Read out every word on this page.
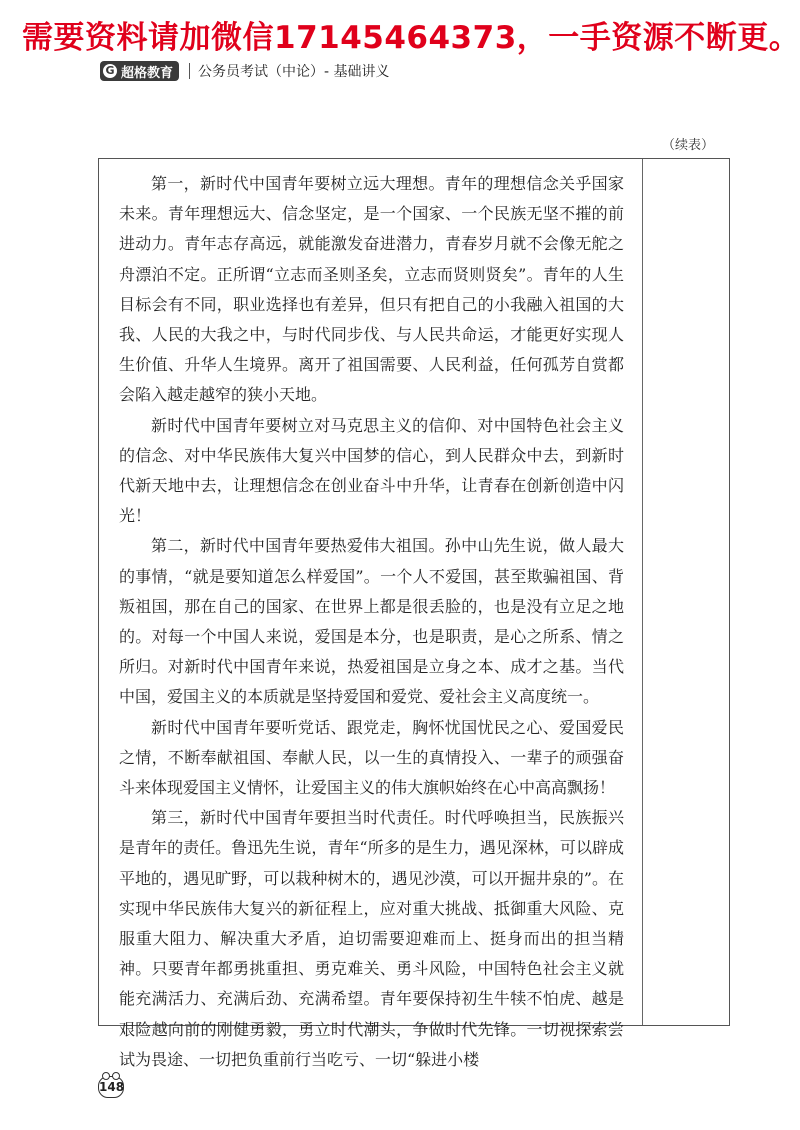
需要资料请加微信17145464373，一手资源不断更。
G 超格教育 公务员考试（中论）- 基础讲义
（续表）

第一，新时代中国青年要树立远大理想。青年的理想信念关乎国家未来。青年理想远大、信念坚定，是一个国家、一个民族无坚不摧的前进动力。青年志存高远，就能激发奋进潜力，青春岁月就不会像无舵之舟漂泊不定。正所谓“立志而圣则圣矣，立志而贤则贤矣”。青年的人生目标会有不同，职业选择也有差异，但只有把自己的小我融入祖国的大我、人民的大我之中，与时代同步伐、与人民共命运，才能更好实现人生价值、升华人生境界。离开了祖国需要、人民利益，任何孤芳自赏都会陷入越走越窄的狭小天地。

新时代中国青年要树立对马克思主义的信仰、对中国特色社会主义的信念、对中华民族伟大复兴中国梦的信心，到人民群众中去，到新时代新天地中去，让理想信念在创业奋斗中升华，让青春在创新创造中闪光！

第二，新时代中国青年要热爱伟大祖国。孙中山先生说，做人最大的事情，“就是要知道怎么样爱国”。一个人不爱国，甚至欺骗祖国、背叛祖国，那在自己的国家、在世界上都是很丢脸的，也是没有立足之地的。对每一个中国人来说，爱国是本分，也是职责，是心之所系、情之所归。对新时代中国青年来说，热爱祖国是立身之本、成才之基。当代中国，爱国主义的本质就是坚持爱国和爱党、爱社会主义高度统一。

新时代中国青年要听党话、跟党走，胸怀忧国忧民之心、爱国爱民之情，不断奉献祖国、奉献人民，以一生的真情投入、一辈子的顽强奋斗来体现爱国主义情怀，让爱国主义的伟大旗帜始终在心中高高飘扬！

第三，新时代中国青年要担当时代责任。时代呼唤担当，民族振兴是青年的责任。鲁迅先生说，青年“所多的是生力，遇见深林，可以辟成平地的，遇见旷野，可以栽种树木的，遇见沙漠，可以开掘井泉的”。在实现中华民族伟大复兴的新征程上，应对重大挑战、抵御重大风险、克服重大阻力、解决重大矛盾，迫切需要迎难而上、挺身而出的担当精神。只要青年都勇挑重担、勇克难关、勇斗风险，中国特色社会主义就能充满活力、充满后劲、充满希望。青年要保持初生牛犊不怕虎、越是艰险越向前的刚健勇毅，勇立时代潮头，争做时代先锋。一切视探索尝试为畏途、一切把负重前行当吃亏、一切“躲进小楼

148
